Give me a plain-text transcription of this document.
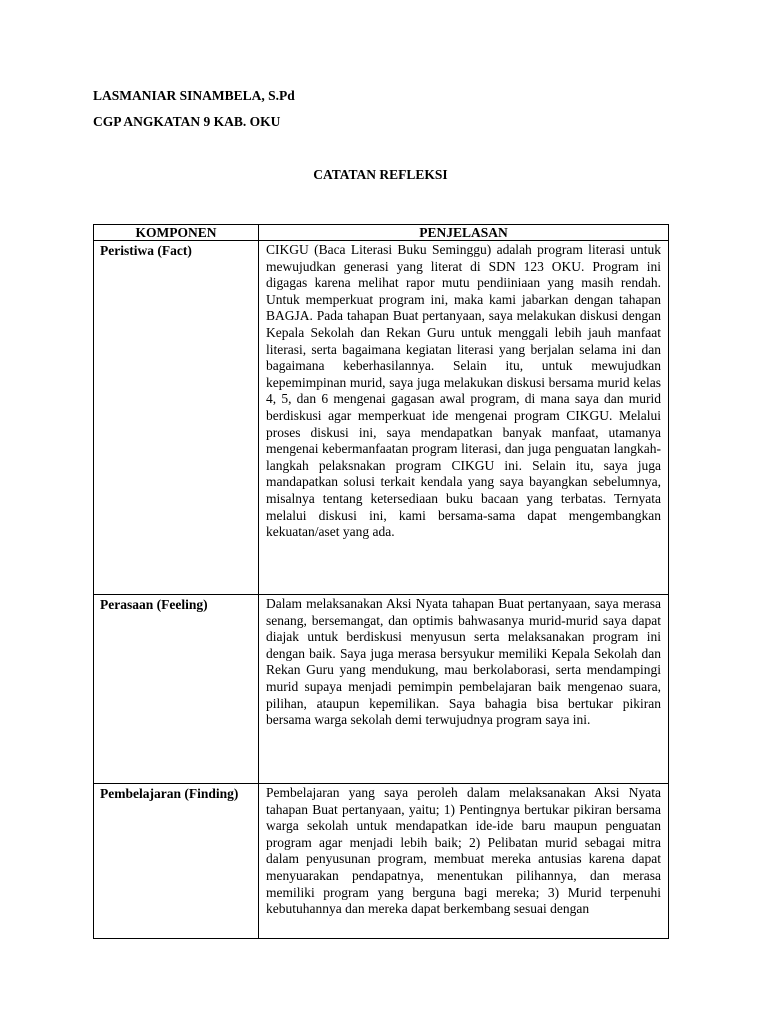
LASMANIAR SINAMBELA, S.Pd
CGP ANGKATAN 9 KAB. OKU
CATATAN REFLEKSI
KOMPONEN	PENJELASAN
Peristiwa (Fact)	CIKGU (Baca Literasi Buku Seminggu) adalah program literasi untuk mewujudkan generasi yang literat di SDN 123 OKU. Program ini digagas karena melihat rapor mutu pendiiniaan yang masih rendah. Untuk memperkuat program ini, maka kami jabarkan dengan tahapan BAGJA. Pada tahapan Buat pertanyaan, saya melakukan diskusi dengan Kepala Sekolah dan Rekan Guru untuk menggali lebih jauh manfaat literasi, serta bagaimana kegiatan literasi yang berjalan selama ini dan bagaimana keberhasilannya. Selain itu, untuk mewujudkan kepemimpinan murid, saya juga melakukan diskusi bersama murid kelas 4, 5, dan 6 mengenai gagasan awal program, di mana saya dan murid berdiskusi agar memperkuat ide mengenai program CIKGU. Melalui proses diskusi ini, saya mendapatkan banyak manfaat, utamanya mengenai kebermanfaatan program literasi, dan juga penguatan langkah-langkah pelaksnakan program CIKGU ini. Selain itu, saya juga mandapatkan solusi terkait kendala yang saya bayangkan sebelumnya, misalnya tentang ketersediaan buku bacaan yang terbatas. Ternyata melalui diskusi ini, kami bersama-sama dapat mengembangkan kekuatan/aset yang ada.

Perasaan (Feeling)	Dalam melaksanakan Aksi Nyata tahapan Buat pertanyaan, saya merasa senang, bersemangat, dan optimis bahwasanya murid-murid saya dapat diajak untuk berdiskusi menyusun serta melaksanakan program ini dengan baik. Saya juga merasa bersyukur memiliki Kepala Sekolah dan Rekan Guru yang mendukung, mau berkolaborasi, serta mendampingi murid supaya menjadi pemimpin pembelajaran baik mengenao suara, pilihan, ataupun kepemilikan. Saya bahagia bisa bertukar pikiran bersama warga sekolah demi terwujudnya program saya ini.

Pembelajaran (Finding)	Pembelajaran yang saya peroleh dalam melaksanakan Aksi Nyata tahapan Buat pertanyaan, yaitu; 1) Pentingnya bertukar pikiran bersama warga sekolah untuk mendapatkan ide-ide baru maupun penguatan program agar menjadi lebih baik; 2) Pelibatan murid sebagai mitra dalam penyusunan program, membuat mereka antusias karena dapat menyuarakan pendapatnya, menentukan pilihannya, dan merasa memiliki program yang berguna bagi mereka; 3) Murid terpenuhi kebutuhannya dan mereka dapat berkembang sesuai dengan
